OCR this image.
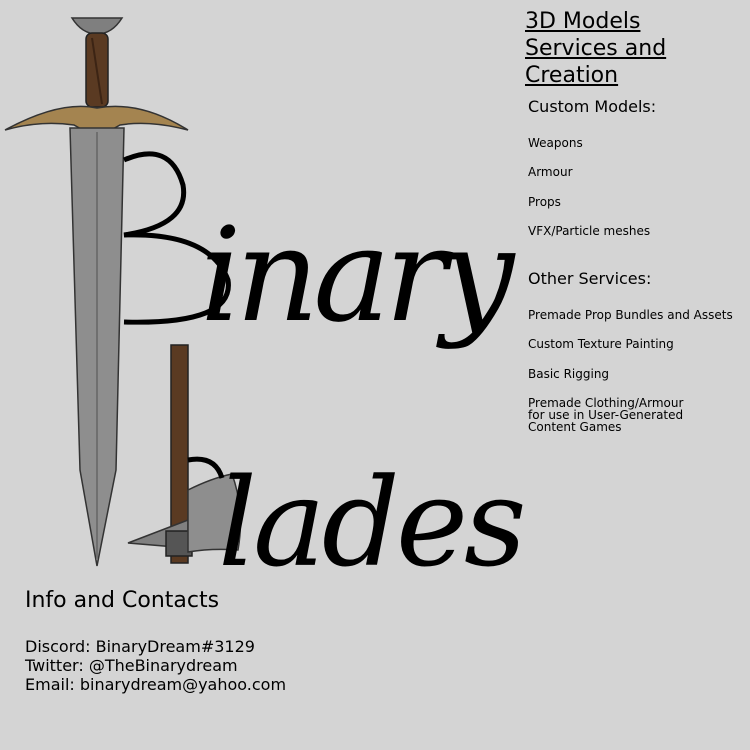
inary
lades
3D Models
Services and
Creation
Custom Models:
Weapons
Armour
Props
VFX/Particle meshes
Other Services:
Premade Prop Bundles and Assets
Custom Texture Painting
Basic Rigging
Premade Clothing/Armour
for use in User-Generated
Content Games
Info and Contacts
Discord: BinaryDream#3129
Twitter: @TheBinarydream
Email: binarydream@yahoo.com
